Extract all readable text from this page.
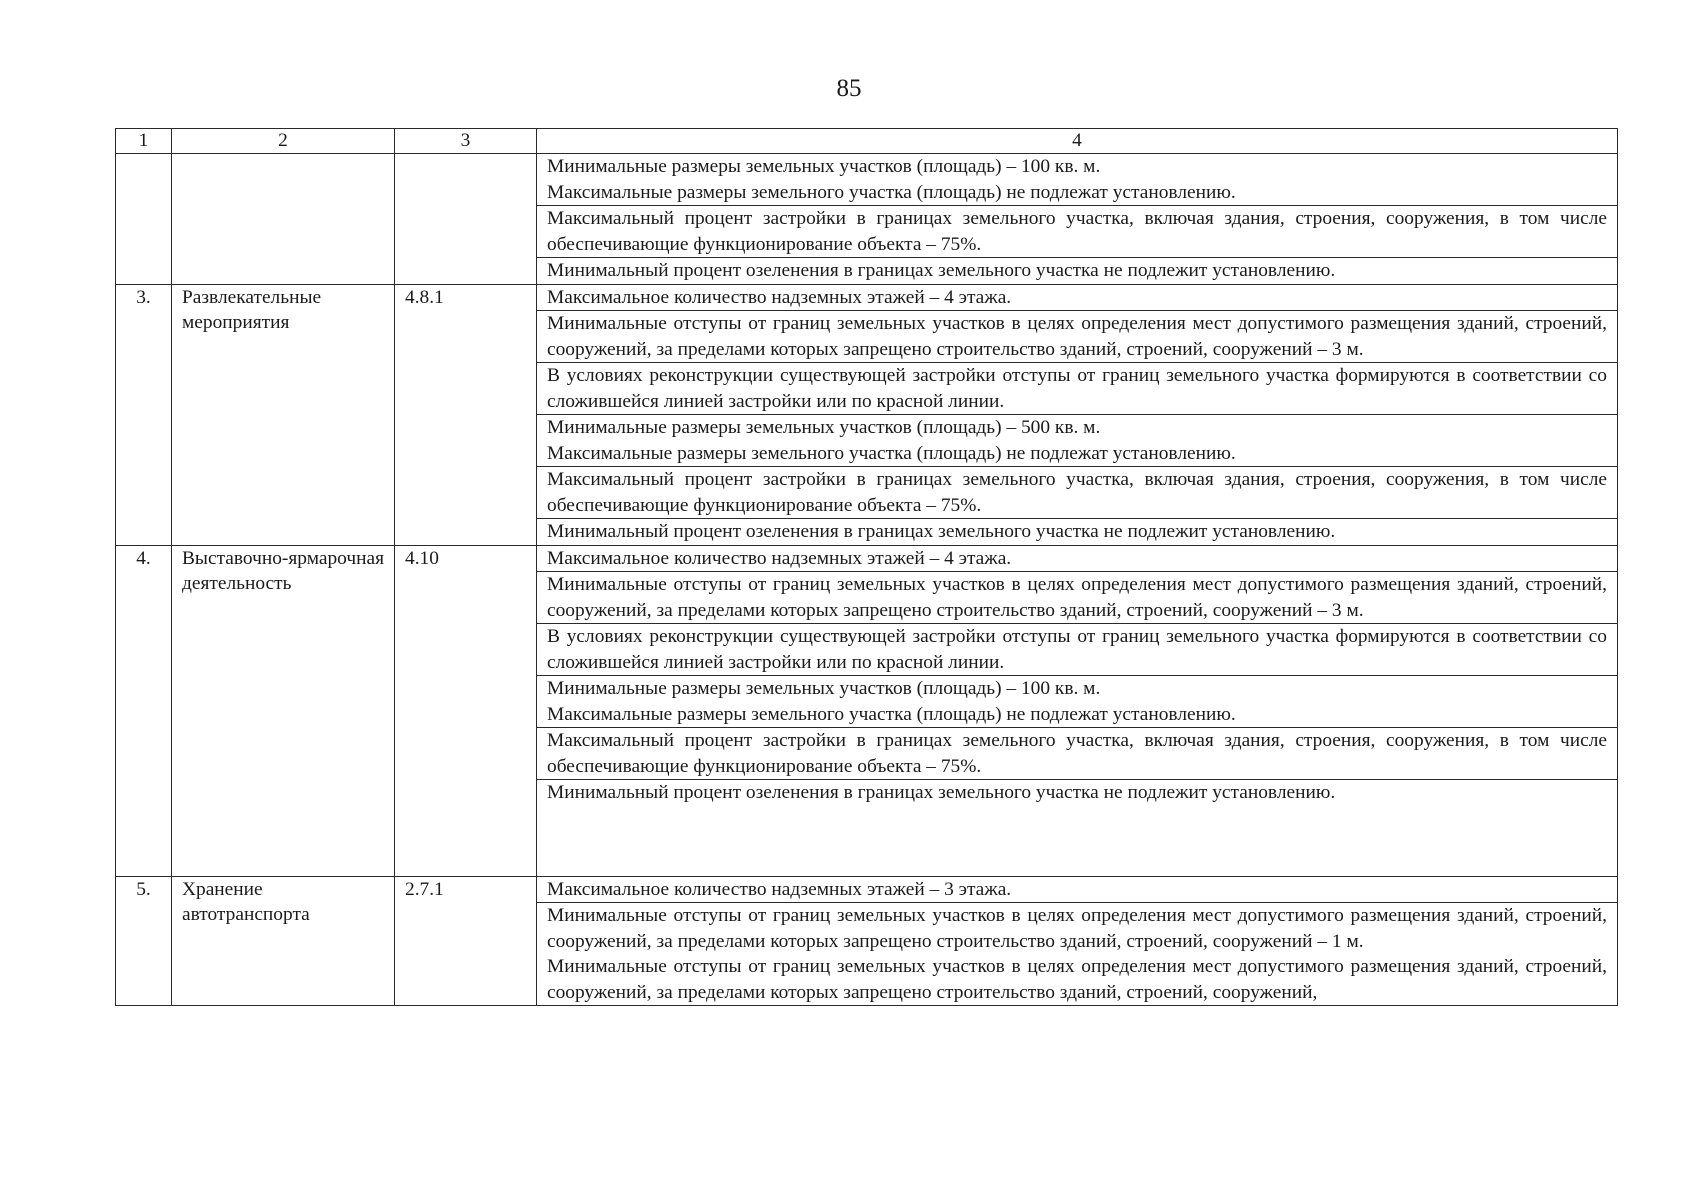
85
1	2	3	4

			Минимальные размеры земельных участков (площадь) – 100 кв. м.
Максимальные размеры земельного участка (площадь) не подлежат установлению.

			Максимальный процент застройки в границах земельного участка, включая здания, строения, сооружения, в том числе обеспечивающие функционирование объекта – 75%.

			Минимальный процент озеленения в границах земельного участка не подлежит установлению.

3.	Развлекательные мероприятия	4.8.1	Максимальное количество надземных этажей – 4 этажа.

			Минимальные отступы от границ земельных участков в целях определения мест допустимого размещения зданий, строений, сооружений, за пределами которых запрещено строительство зданий, строений, сооружений – 3 м.

			В условиях реконструкции существующей застройки отступы от границ земельного участка формируются в соответствии со сложившейся линией застройки или по красной линии.

			Минимальные размеры земельных участков (площадь) – 500 кв. м.
Максимальные размеры земельного участка (площадь) не подлежат установлению.

			Максимальный процент застройки в границах земельного участка, включая здания, строения, сооружения, в том числе обеспечивающие функционирование объекта – 75%.

			Минимальный процент озеленения в границах земельного участка не подлежит установлению.

4.	Выставочно-ярмарочная деятельность	4.10	Максимальное количество надземных этажей – 4 этажа.

			Минимальные отступы от границ земельных участков в целях определения мест допустимого размещения зданий, строений, сооружений, за пределами которых запрещено строительство зданий, строений, сооружений – 3 м.

			В условиях реконструкции существующей застройки отступы от границ земельного участка формируются в соответствии со сложившейся линией застройки или по красной линии.

			Минимальные размеры земельных участков (площадь) – 100 кв. м.
Максимальные размеры земельного участка (площадь) не подлежат установлению.

			Максимальный процент застройки в границах земельного участка, включая здания, строения, сооружения, в том числе обеспечивающие функционирование объекта – 75%.

			Минимальный процент озеленения в границах земельного участка не подлежит установлению.

5.	Хранение автотранспорта	2.7.1	Максимальное количество надземных этажей – 3 этажа.

			Минимальные отступы от границ земельных участков в целях определения мест допустимого размещения зданий, строений, сооружений, за пределами которых запрещено строительство зданий, строений, сооружений – 1 м.
Минимальные отступы от границ земельных участков в целях определения мест допустимого размещения зданий, строений, сооружений, за пределами которых запрещено строительство зданий, строений, сооружений,
